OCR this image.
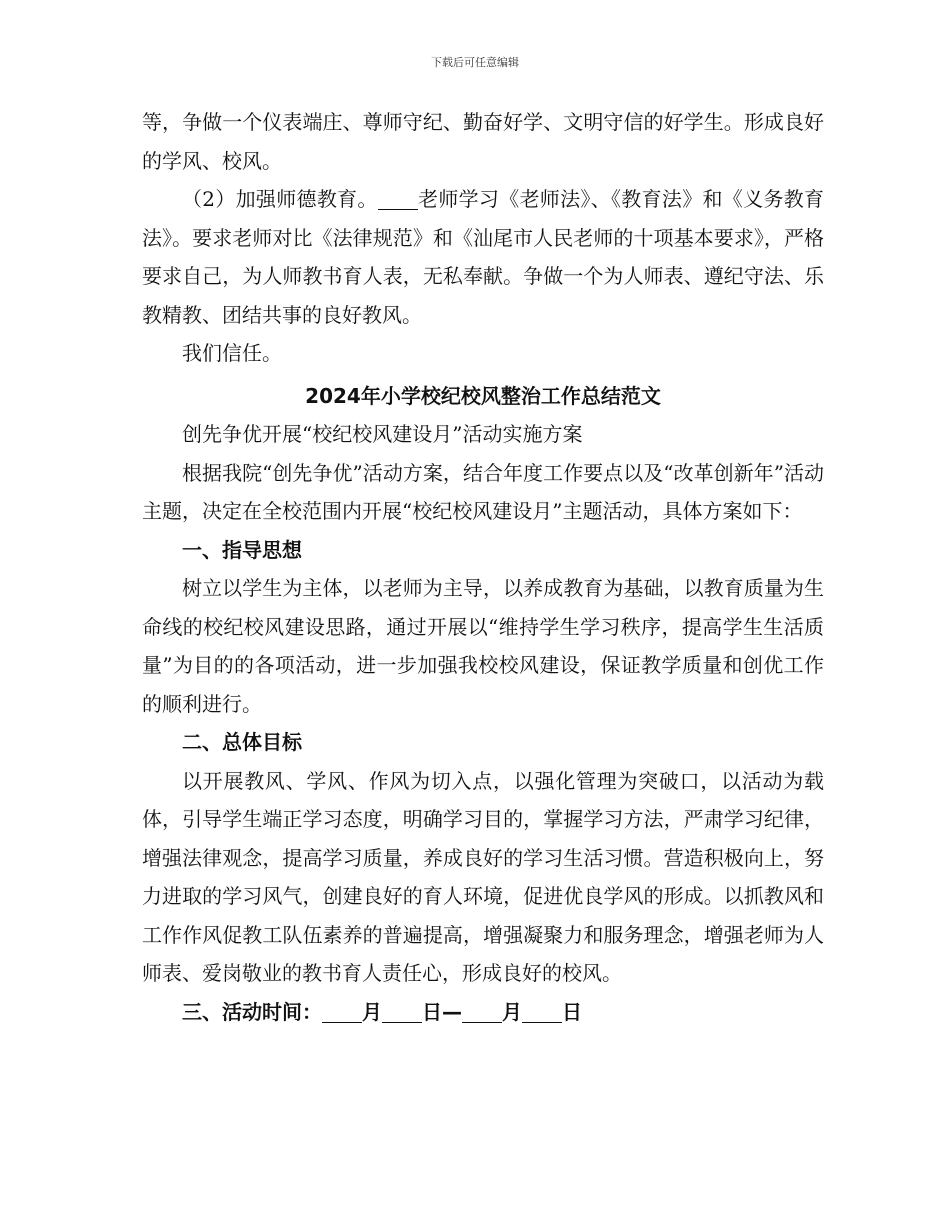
下载后可任意编辑

等，争做一个仪表端庄、尊师守纪、勤奋好学、文明守信的好学生。形成良好的学风、校风。

（2）加强师德教育。 老师学习《老师法》、《教育法》和《义务教育法》。要求老师对比《法律规范》和《汕尾市人民老师的十项基本要求》，严格要求自己，为人师教书育人表，无私奉献。争做一个为人师表、遵纪守法、乐教精教、团结共事的良好教风。

我们信任。

2024年小学校纪校风整治工作总结范文

创先争优开展“校纪校风建设月”活动实施方案

根据我院“创先争优”活动方案，结合年度工作要点以及“改革创新年”活动主题，决定在全校范围内开展“校纪校风建设月”主题活动，具体方案如下：

一、指导思想

树立以学生为主体，以老师为主导，以养成教育为基础，以教育质量为生命线的校纪校风建设思路，通过开展以“维持学生学习秩序，提高学生生活质量”为目的的各项活动，进一步加强我校校风建设，保证教学质量和创优工作的顺利进行。

二、总体目标

以开展教风、学风、作风为切入点，以强化管理为突破口，以活动为载体，引导学生端正学习态度，明确学习目的，掌握学习方法，严肃学习纪律，增强法律观念，提高学习质量，养成良好的学习生活习惯。营造积极向上，努力进取的学习风气，创建良好的育人环境，促进优良学风的形成。以抓教风和工作作风促教工队伍素养的普遍提高，增强凝聚力和服务理念，增强老师为人师表、爱岗敬业的教书育人责任心，形成良好的校风。

三、活动时间： 月 日— 月 日
